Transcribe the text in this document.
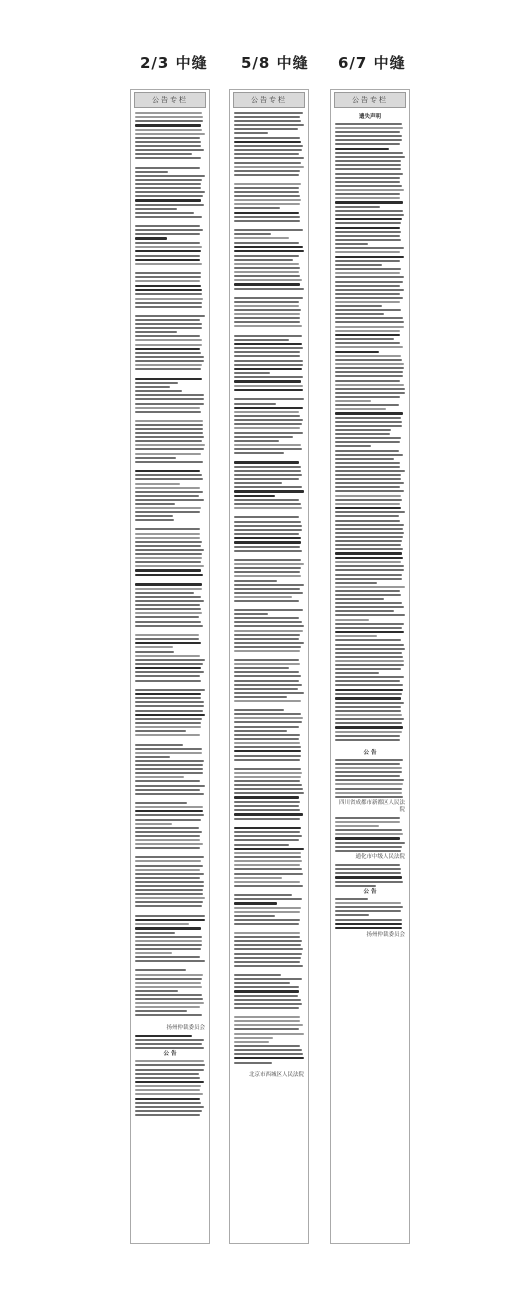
2/3 中缝 5/8 中缝 6/7 中缝
公告专栏
扬州仲裁委员会
公 告
公告专栏
北京市西城区人民法院
公告专栏
遗失声明
公 告
四川省成都市新都区人民法院
通化市中级人民法院
公 告
扬州仲裁委员会
